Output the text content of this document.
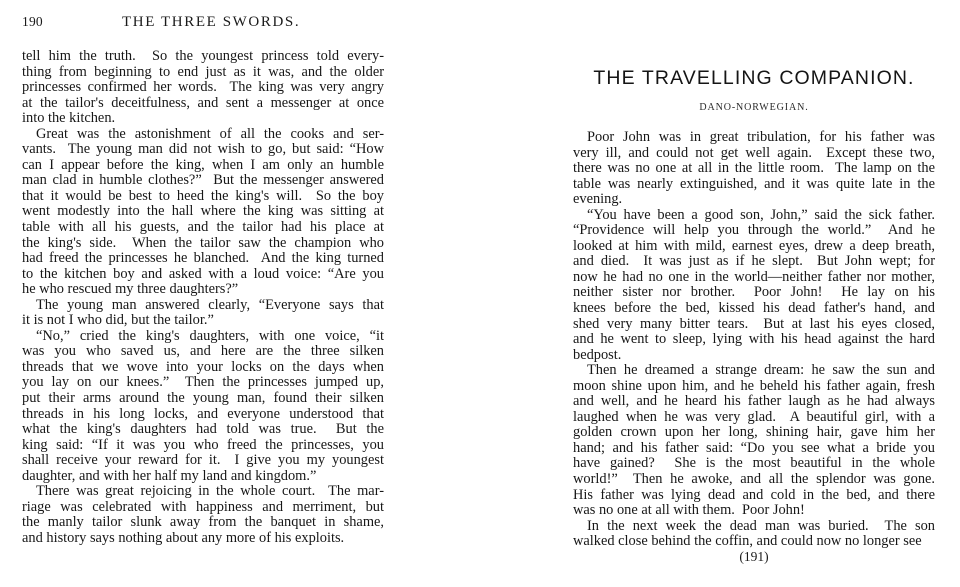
190	THE THREE SWORDS.

tell him the truth.  So the youngest princess told every-
thing from beginning to end just as it was, and the older
princesses confirmed her words.  The king was very angry
at the tailor's deceitfulness, and sent a messenger at once
into the kitchen.

Great was the astonishment of all the cooks and ser-
vants.  The young man did not wish to go, but said: “How
can I appear before the king, when I am only an humble
man clad in humble clothes?”  But the messenger answered
that it would be best to heed the king's will.  So the boy
went modestly into the hall where the king was sitting at
table with all his guests, and the tailor had his place at
the king's side.  When the tailor saw the champion who
had freed the princesses he blanched.  And the king turned
to the kitchen boy and asked with a loud voice: “Are you
he who rescued my three daughters?”

The young man answered clearly, “Everyone says that
it is not I who did, but the tailor.”

“No,” cried the king's daughters, with one voice, “it
was you who saved us, and here are the three silken
threads that we wove into your locks on the days when
you lay on our knees.”  Then the princesses jumped up,
put their arms around the young man, found their silken
threads in his long locks, and everyone understood that
what the king's daughters had told was true.  But the
king said: “If it was you who freed the princesses, you
shall receive your reward for it.  I give you my youngest
daughter, and with her half my land and kingdom.”

There was great rejoicing in the whole court.  The mar-
riage was celebrated with happiness and merriment, but
the manly tailor slunk away from the banquet in shame,
and history says nothing about any more of his exploits.

THE TRAVELLING COMPANION.
DANO-NORWEGIAN.

Poor John was in great tribulation, for his father was
very ill, and could not get well again.  Except these two,
there was no one at all in the little room.  The lamp on the
table was nearly extinguished, and it was quite late in the
evening.

“You have been a good son, John,” said the sick father.
“Providence will help you through the world.”  And he
looked at him with mild, earnest eyes, drew a deep breath,
and died.  It was just as if he slept.  But John wept; for
now he had no one in the world—neither father nor mother,
neither sister nor brother.  Poor John!  He lay on his
knees before the bed, kissed his dead father's hand, and
shed very many bitter tears.  But at last his eyes closed,
and he went to sleep, lying with his head against the hard
bedpost.

Then he dreamed a strange dream: he saw the sun and
moon shine upon him, and he beheld his father again, fresh
and well, and he heard his father laugh as he had always
laughed when he was very glad.  A beautiful girl, with a
golden crown upon her long, shining hair, gave him her
hand; and his father said: “Do you see what a bride you
have gained?  She is the most beautiful in the whole
world!”  Then he awoke, and all the splendor was gone.
His father was lying dead and cold in the bed, and there
was no one at all with them.  Poor John!

In the next week the dead man was buried.  The son
walked close behind the coffin, and could now no longer see

(191)
